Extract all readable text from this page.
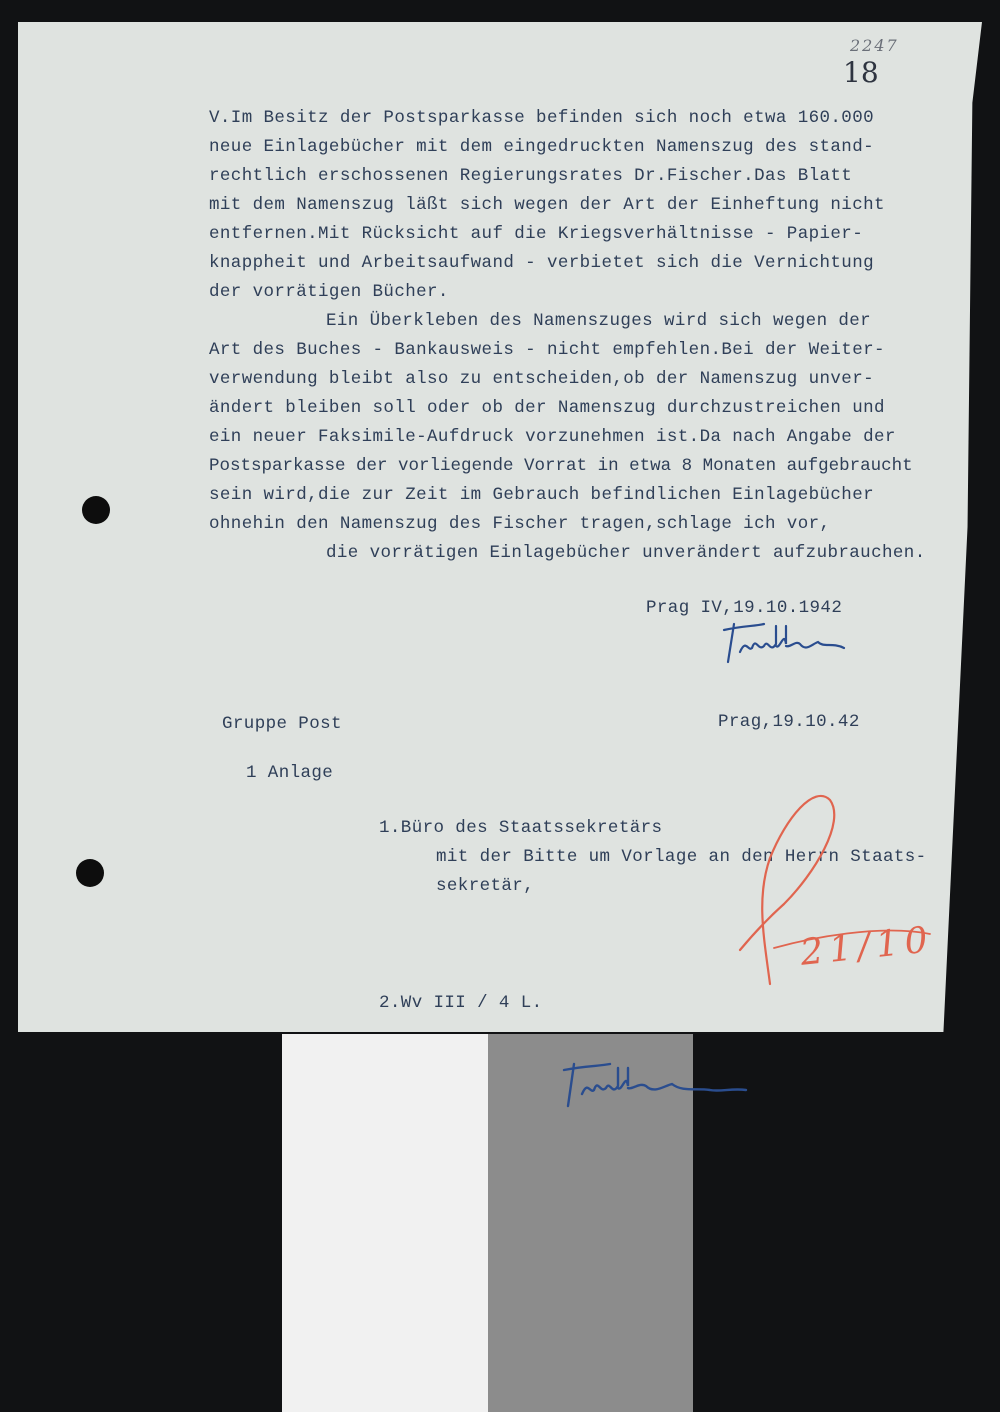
2247
18
V.Im Besitz der Postsparkasse befinden sich noch etwa 160.000
neue Einlagebücher mit dem eingedruckten Namenszug des stand-
rechtlich erschossenen Regierungsrates Dr.Fischer.Das Blatt
mit dem Namenszug läßt sich wegen der Art der Einheftung nicht
entfernen.Mit Rücksicht auf die Kriegsverhältnisse - Papier-
knappheit und Arbeitsaufwand - verbietet sich die Vernichtung
der vorrätigen Bücher.
Ein Überkleben des Namenszuges wird sich wegen der
Art des Buches - Bankausweis - nicht empfehlen.Bei der Weiter-
verwendung bleibt also zu entscheiden,ob der Namenszug unver-
ändert bleiben soll oder ob der Namenszug durchzustreichen und
ein neuer Faksimile-Aufdruck vorzunehmen ist.Da nach Angabe der
Postsparkasse der vorliegende Vorrat in etwa 8 Monaten aufgebraucht
sein wird,die zur Zeit im Gebrauch befindlichen Einlagebücher
ohnehin den Namenszug des Fischer tragen,schlage ich vor,
die vorrätigen Einlagebücher unverändert aufzubrauchen.
Prag IV,19.10.1942
Gruppe Post	Prag,19.10.42
1 Anlage
1.Büro des Staatssekretärs
mit der Bitte um Vorlage an den Herrn Staats-
sekretär,
21/10
2.Wv III / 4 L.
